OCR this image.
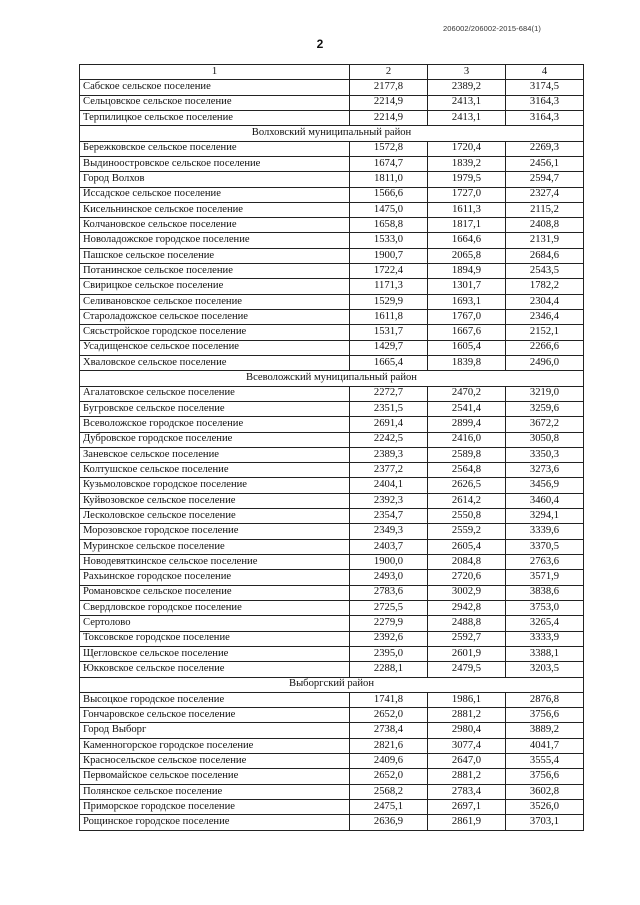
206002/206002-2015-684(1)
2
1	2	3	4
Сабское сельское поселение	2177,8	2389,2	3174,5
Сельцовское сельское поселение	2214,9	2413,1	3164,3
Терпилицкое сельское поселение	2214,9	2413,1	3164,3
Волховский муниципальный район			
Бережковское сельское поселение	1572,8	1720,4	2269,3
Выдиноостровское сельское поселение	1674,7	1839,2	2456,1
Город Волхов	1811,0	1979,5	2594,7
Иссадское сельское поселение	1566,6	1727,0	2327,4
Кисельнинское сельское поселение	1475,0	1611,3	2115,2
Колчановское сельское поселение	1658,8	1817,1	2408,8
Новоладожское городское поселение	1533,0	1664,6	2131,9
Пашское сельское поселение	1900,7	2065,8	2684,6
Потанинское сельское поселение	1722,4	1894,9	2543,5
Свирицкое сельское поселение	1171,3	1301,7	1782,2
Селивановское сельское поселение	1529,9	1693,1	2304,4
Староладожское сельское поселение	1611,8	1767,0	2346,4
Сясьстройское городское поселение	1531,7	1667,6	2152,1
Усадищенское сельское поселение	1429,7	1605,4	2266,6
Хваловское сельское поселение	1665,4	1839,8	2496,0
Всеволожский муниципальный район			
Агалатовское сельское поселение	2272,7	2470,2	3219,0
Бугровское сельское поселение	2351,5	2541,4	3259,6
Всеволожское городское поселение	2691,4	2899,4	3672,2
Дубровское городское поселение	2242,5	2416,0	3050,8
Заневское сельское поселение	2389,3	2589,8	3350,3
Колтушское сельское поселение	2377,2	2564,8	3273,6
Кузьмоловское городское поселение	2404,1	2626,5	3456,9
Куйвозовское сельское поселение	2392,3	2614,2	3460,4
Лесколовское сельское поселение	2354,7	2550,8	3294,1
Морозовское городское поселение	2349,3	2559,2	3339,6
Муринское сельское поселение	2403,7	2605,4	3370,5
Новодевяткинское сельское поселение	1900,0	2084,8	2763,6
Рахьинское городское поселение	2493,0	2720,6	3571,9
Романовское сельское поселение	2783,6	3002,9	3838,6
Свердловское городское поселение	2725,5	2942,8	3753,0
Сертолово	2279,9	2488,8	3265,4
Токсовское городское поселение	2392,6	2592,7	3333,9
Щегловское сельское поселение	2395,0	2601,9	3388,1
Юкковское сельское поселение	2288,1	2479,5	3203,5
Выборгский район			
Высоцкое городское поселение	1741,8	1986,1	2876,8
Гончаровское сельское поселение	2652,0	2881,2	3756,6
Город Выборг	2738,4	2980,4	3889,2
Каменногорское городское поселение	2821,6	3077,4	4041,7
Красносельское сельское поселение	2409,6	2647,0	3555,4
Первомайское сельское поселение	2652,0	2881,2	3756,6
Полянское сельское поселение	2568,2	2783,4	3602,8
Приморское городское поселение	2475,1	2697,1	3526,0
Рощинское городское поселение	2636,9	2861,9	3703,1
